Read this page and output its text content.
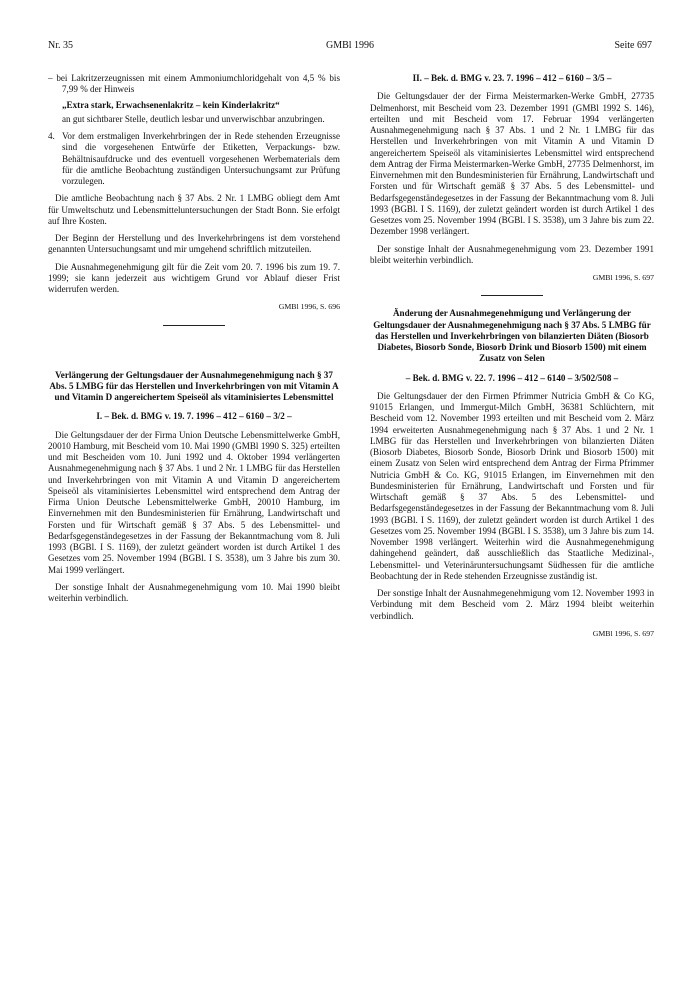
GMBl 1996
Nr. 35	Seite 697
– bei Lakritzerzeugnissen mit einem Ammoniumchloridgehalt von 4,5 % bis 7,99 % der Hinweis
„Extra stark, Erwachsenenlakritz – kein Kinderlakritz“
an gut sichtbarer Stelle, deutlich lesbar und unverwischbar anzubringen.
4. Vor dem erstmaligen Inverkehrbringen der in Rede stehenden Erzeugnisse sind die vorgesehenen Entwürfe der Etiketten, Verpackungs- bzw. Behältnisaufdrucke und des eventuell vorgesehenen Werbematerials dem für die amtliche Beobachtung zuständigen Untersuchungsamt zur Prüfung vorzulegen.

Die amtliche Beobachtung nach § 37 Abs. 2 Nr. 1 LMBG obliegt dem Amt für Umweltschutz und Lebensmitteluntersuchungen der Stadt Bonn. Sie erfolgt auf Ihre Kosten.

Der Beginn der Herstellung und des Inverkehrbringens ist dem vorstehend genannten Untersuchungsamt und mir umgehend schriftlich mitzuteilen.

Die Ausnahmegenehmigung gilt für die Zeit vom 20. 7. 1996 bis zum 19. 7. 1999; sie kann jederzeit aus wichtigem Grund vor Ablauf dieser Frist widerrufen werden.

GMBl 1996, S. 696

Verlängerung der Geltungsdauer der Ausnahmegenehmigung nach § 37 Abs. 5 LMBG für das Herstellen und Inverkehrbringen von mit Vitamin A und Vitamin D angereichertem Speiseöl als vitaminisiertes Lebensmittel

I. – Bek. d. BMG v. 19. 7. 1996 – 412 – 6160 – 3/2 –

Die Geltungsdauer der der Firma Union Deutsche Lebensmittelwerke GmbH, 20010 Hamburg, mit Bescheid vom 10. Mai 1990 (GMBl 1990 S. 325) erteilten und mit Bescheiden vom 10. Juni 1992 und 4. Oktober 1994 verlängerten Ausnahmegenehmigung nach § 37 Abs. 1 und 2 Nr. 1 LMBG für das Herstellen und Inverkehrbringen von mit Vitamin A und Vitamin D angereichertem Speiseöl als vitaminisiertes Lebensmittel wird entsprechend dem Antrag der Firma Union Deutsche Lebensmittelwerke GmbH, 20010 Hamburg, im Einvernehmen mit den Bundesministerien für Ernährung, Landwirtschaft und Forsten und für Wirtschaft gemäß § 37 Abs. 5 des Lebensmittel- und Bedarfsgegenständegesetzes in der Fassung der Bekanntmachung vom 8. Juli 1993 (BGBl. I S. 1169), der zuletzt geändert worden ist durch Artikel 1 des Gesetzes vom 25. November 1994 (BGBl. I S. 3538), um 3 Jahre bis zum 30. Mai 1999 verlängert.

Der sonstige Inhalt der Ausnahmegenehmigung vom 10. Mai 1990 bleibt weiterhin verbindlich.

II. – Bek. d. BMG v. 23. 7. 1996 – 412 – 6160 – 3/5 –

Die Geltungsdauer der der Firma Meistermarken-Werke GmbH, 27735 Delmenhorst, mit Bescheid vom 23. Dezember 1991 (GMBl 1992 S. 146), erteilten und mit Bescheid vom 17. Februar 1994 verlängerten Ausnahmegenehmigung nach § 37 Abs. 1 und 2 Nr. 1 LMBG für das Herstellen und Inverkehrbringen von mit Vitamin A und Vitamin D angereichertem Speiseöl als vitaminisiertes Lebensmittel wird entsprechend dem Antrag der Firma Meistermarken-Werke GmbH, 27735 Delmenhorst, im Einvernehmen mit den Bundesministerien für Ernährung, Landwirtschaft und Forsten und für Wirtschaft gemäß § 37 Abs. 5 des Lebensmittel- und Bedarfsgegenständegesetzes in der Fassung der Bekanntmachung vom 8. Juli 1993 (BGBl. I S. 1169), der zuletzt geändert worden ist durch Artikel 1 des Gesetzes vom 25. November 1994 (BGBl. I S. 3538), um 3 Jahre bis zum 22. Dezember 1998 verlängert.

Der sonstige Inhalt der Ausnahmegenehmigung vom 23. Dezember 1991 bleibt weiterhin verbindlich.

GMBl 1996, S. 697

Änderung der Ausnahmegenehmigung und Verlängerung der Geltungsdauer der Ausnahmegenehmigung nach § 37 Abs. 5 LMBG für das Herstellen und Inverkehrbringen von bilanzierten Diäten (Biosorb Diabetes, Biosorb Sonde, Biosorb Drink und Biosorb 1500) mit einem Zusatz von Selen

– Bek. d. BMG v. 22. 7. 1996 – 412 – 6140 – 3/502/508 –

Die Geltungsdauer der den Firmen Pfrimmer Nutricia GmbH & Co KG, 91015 Erlangen, und Immergut-Milch GmbH, 36381 Schlüchtern, mit Bescheid vom 12. November 1993 erteilten und mit Bescheid vom 2. März 1994 erweiterten Ausnahmegenehmigung nach § 37 Abs. 1 und 2 Nr. 1 LMBG für das Herstellen und Inverkehrbringen von bilanzierten Diäten (Biosorb Diabetes, Biosorb Sonde, Biosorb Drink und Biosorb 1500) mit einem Zusatz von Selen wird entsprechend dem Antrag der Firma Pfrimmer Nutricia GmbH & Co. KG, 91015 Erlangen, im Einvernehmen mit den Bundesministerien für Ernährung, Landwirtschaft und Forsten und für Wirtschaft gemäß § 37 Abs. 5 des Lebensmittel- und Bedarfsgegenständegesetzes in der Fassung der Bekanntmachung vom 8. Juli 1993 (BGBl. I S. 1169), der zuletzt geändert worden ist durch Artikel 1 des Gesetzes vom 25. November 1994 (BGBl. I S. 3538), um 3 Jahre bis zum 14. November 1998 verlängert. Weiterhin wird die Ausnahmegenehmigung dahingehend geändert, daß ausschließlich das Staatliche Medizinal-, Lebensmittel- und Veterinäruntersuchungsamt Südhessen für die amtliche Beobachtung der in Rede stehenden Erzeugnisse zuständig ist.

Der sonstige Inhalt der Ausnahmegenehmigung vom 12. November 1993 in Verbindung mit dem Bescheid vom 2. März 1994 bleibt weiterhin verbindlich.

GMBl 1996, S. 697
